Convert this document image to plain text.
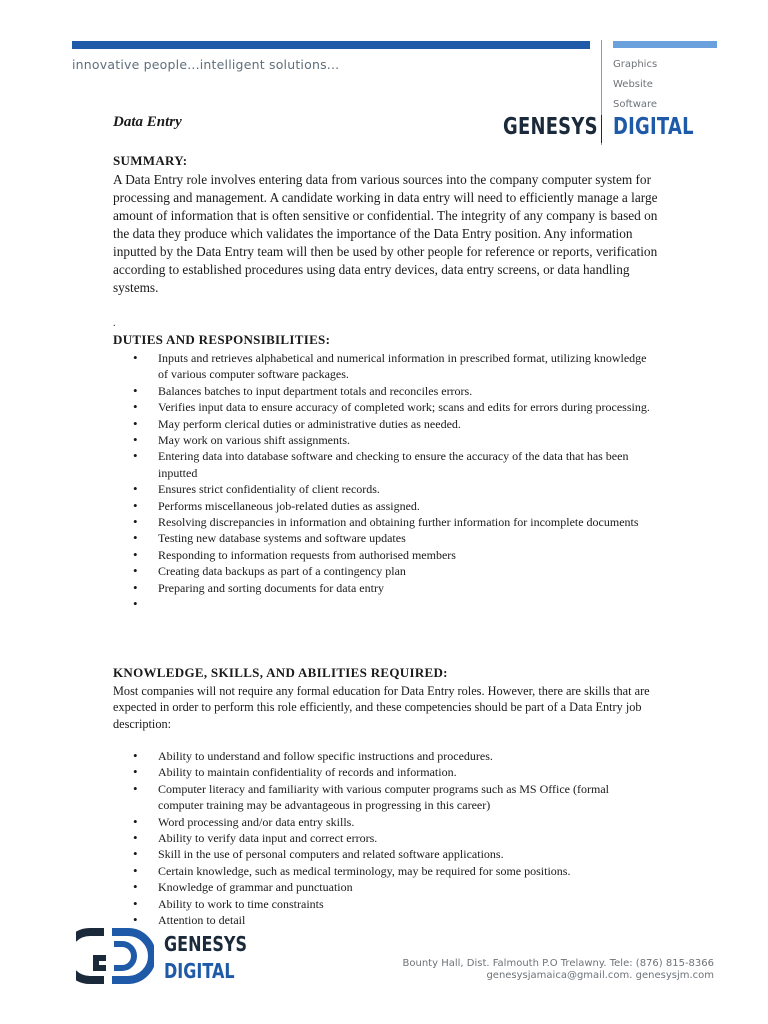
innovative people...intelligent solutions...	Graphics
Website
Software
GENESYS DIGITAL
Data Entry
SUMMARY:
A Data Entry role involves entering data from various sources into the company computer system for processing and management. A candidate working in data entry will need to efficiently manage a large amount of information that is often sensitive or confidential. The integrity of any company is based on the data they produce which validates the importance of the Data Entry position. Any information inputted by the Data Entry team will then be used by other people for reference or reports, verification according to established procedures using data entry devices, data entry screens, or data handling systems.
.
DUTIES AND RESPONSIBILITIES:
• Inputs and retrieves alphabetical and numerical information in prescribed format, utilizing knowledge of various computer software packages.
• Balances batches to input department totals and reconciles errors.
• Verifies input data to ensure accuracy of completed work; scans and edits for errors during processing.
• May perform clerical duties or administrative duties as needed.
• May work on various shift assignments.
• Entering data into database software and checking to ensure the accuracy of the data that has been inputted
• Ensures strict confidentiality of client records.
• Performs miscellaneous job-related duties as assigned.
• Resolving discrepancies in information and obtaining further information for incomplete documents
• Testing new database systems and software updates
• Responding to information requests from authorised members
• Creating data backups as part of a contingency plan
• Preparing and sorting documents for data entry
•
KNOWLEDGE, SKILLS, AND ABILITIES REQUIRED:
Most companies will not require any formal education for Data Entry roles. However, there are skills that are expected in order to perform this role efficiently, and these competencies should be part of a Data Entry job description:
• Ability to understand and follow specific instructions and procedures.
• Ability to maintain confidentiality of records and information.
• Computer literacy and familiarity with various computer programs such as MS Office (formal computer training may be advantageous in progressing in this career)
• Word processing and/or data entry skills.
• Ability to verify data input and correct errors.
• Skill in the use of personal computers and related software applications.
• Certain knowledge, such as medical terminology, may be required for some positions.
• Knowledge of grammar and punctuation
• Ability to work to time constraints
• Attention to detail
GENESYS
DIGITAL	Bounty Hall, Dist. Falmouth P.O Trelawny. Tele: (876) 815-8366
genesysjamaica@gmail.com. genesysjm.com
